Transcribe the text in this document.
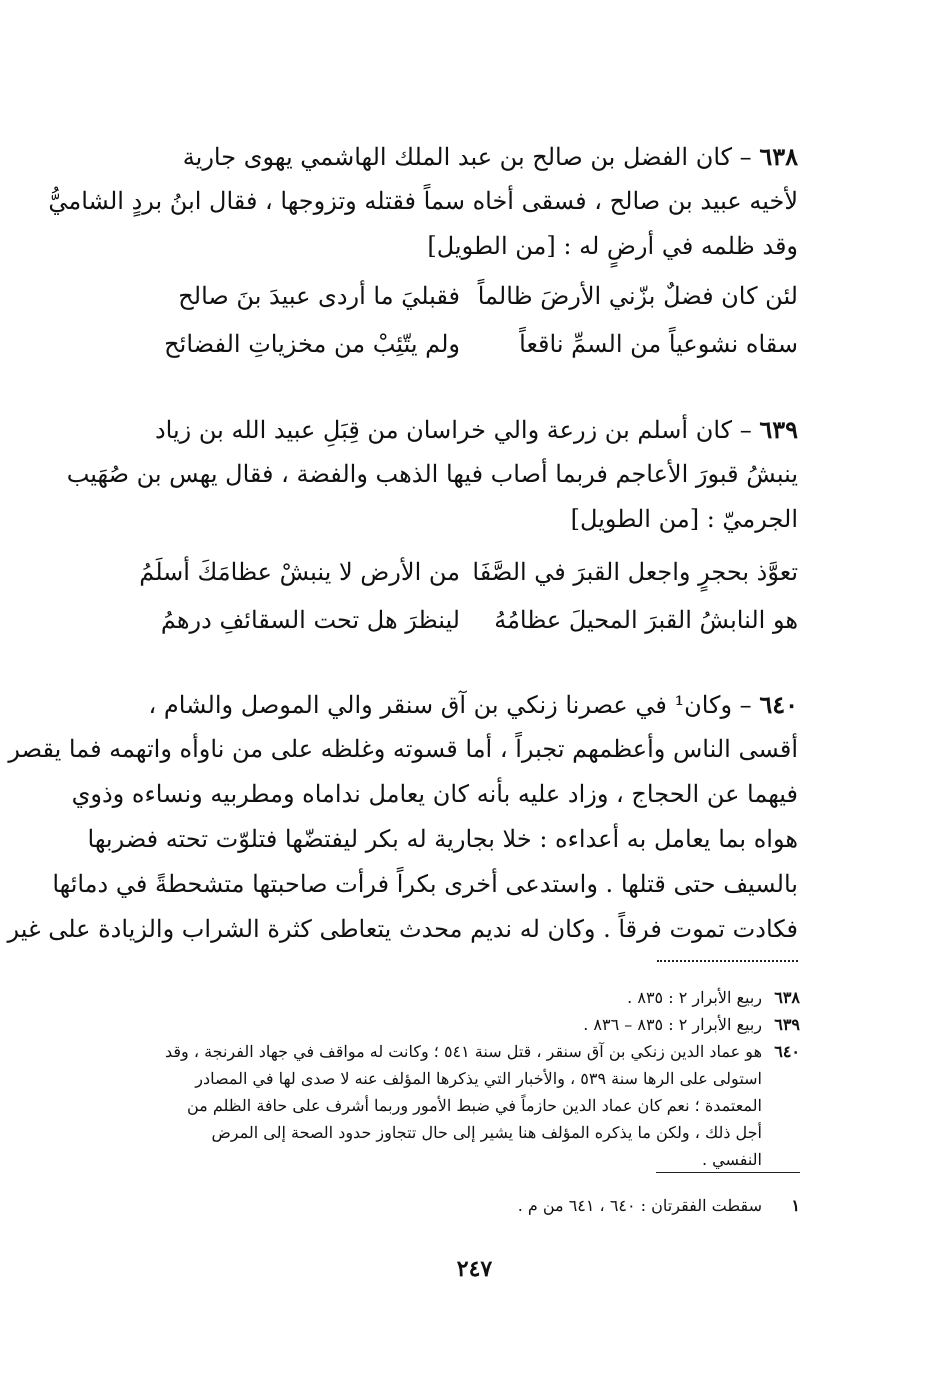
٦٣٨ – كان الفضل بن صالح بن عبد الملك الهاشمي يهوى جارية
لأخيه عبيد بن صالح ، فسقى أخاه سماً فقتله وتزوجها ، فقال ابنُ بردٍ الشاميُّ
وقد ظلمه في أرضٍ له : [من الطويل]
لئن كان فضلٌ بزّني الأرضَ ظالماً
فقبليَ ما أردى عبيدَ بنَ صالح
سقاه نشوعياً من السمِّ ناقعاً
ولم يتّئِبْ من مخزياتِ الفضائح
٦٣٩ – كان أسلم بن زرعة والي خراسان من قِبَلِ عبيد الله بن زياد
ينبشُ قبورَ الأعاجم فربما أصاب فيها الذهب والفضة ، فقال يهس بن صُهَيب
الجرميّ : [من الطويل]
تعوَّذ بحجرٍ واجعل القبرَ في الصَّفَا
من الأرض لا ينبشْ عظامَكَ أسلَمُ
هو النابشُ القبرَ المحيلَ عظامُهُ
لينظرَ هل تحت السقائفِ درهمُ
٦٤٠ – وكان¹ في عصرنا زنكي بن آق سنقر والي الموصل والشام ،
أقسى الناس وأعظمهم تجبراً ، أما قسوته وغلظه على من ناوأه واتهمه فما يقصر
فيهما عن الحجاج ، وزاد عليه بأنه كان يعامل نداماه ومطربيه ونساءه وذوي
هواه بما يعامل به أعداءه : خلا بجارية له بكر ليفتضّها فتلوّت تحته فضربها
بالسيف حتى قتلها . واستدعى أخرى بكراً فرأت صاحبتها متشحطةً في دمائها
فكادت تموت فرقاً . وكان له نديم محدث يتعاطى كثرة الشراب والزيادة على غير
٦٣٨
ربيع الأبرار ٢ : ٨٣٥ .
٦٣٩
ربيع الأبرار ٢ : ٨٣٥ – ٨٣٦ .
٦٤٠
هو عماد الدين زنكي بن آق سنقر ، قتل سنة ٥٤١ ؛ وكانت له مواقف في جهاد الفرنجة ، وقد استولى على الرها سنة ٥٣٩ ، والأخبار التي يذكرها المؤلف عنه لا صدى لها في المصادر المعتمدة ؛ نعم كان عماد الدين حازماً في ضبط الأمور وربما أشرف على حافة الظلم من أجل ذلك ، ولكن ما يذكره المؤلف هنا يشير إلى حال تتجاوز حدود الصحة إلى المرض النفسي .
١
سقطت الفقرتان : ٦٤٠ ، ٦٤١ من م .
٢٤٧
